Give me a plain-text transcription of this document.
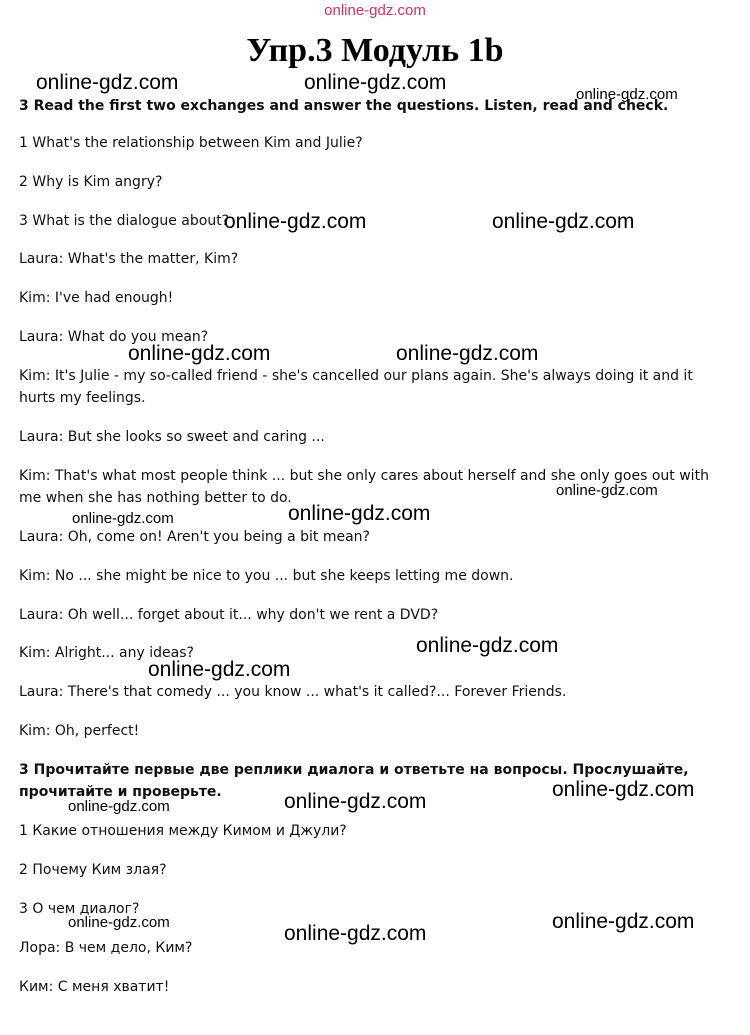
online-gdz.com
Упр.3 Модуль 1b
3 Read the first two exchanges and answer the questions. Listen, read and check.
1 What's the relationship between Kim and Julie?
2 Why is Kim angry?
3 What is the dialogue about?
Laura: What's the matter, Kim?
Kim: I've had enough!
Laura: What do you mean?
Kim: It's Julie - my so-called friend - she's cancelled our plans again. She's always doing it and it hurts my feelings.
Laura: But she looks so sweet and caring ...
Kim: That's what most people think ... but she only cares about herself and she only goes out with me when she has nothing better to do.
Laura: Oh, come on! Aren't you being a bit mean?
Kim: No ... she might be nice to you ... but she keeps letting me down.
Laura: Oh well... forget about it... why don't we rent a DVD?
Kim: Alright... any ideas?
Laura: There's that comedy ... you know ... what's it called?... Forever Friends.
Kim: Oh, perfect!
3 Прочитайте первые две реплики диалога и ответьте на вопросы. Прослушайте, прочитайте и проверьте.
1 Какие отношения между Кимом и Джули?
2 Почему Ким злая?
3 О чем диалог?
Лора: В чем дело, Ким?
Ким: С меня хватит!
online-gdz.com	online-gdz.com
online-gdz.com
online-gdz.com	online-gdz.com
online-gdz.com	online-gdz.com
online-gdz.com
online-gdz.com	online-gdz.com
online-gdz.com
online-gdz.com
online-gdz.com
online-gdz.com
online-gdz.com
online-gdz.com	online-gdz.com
online-gdz.com
